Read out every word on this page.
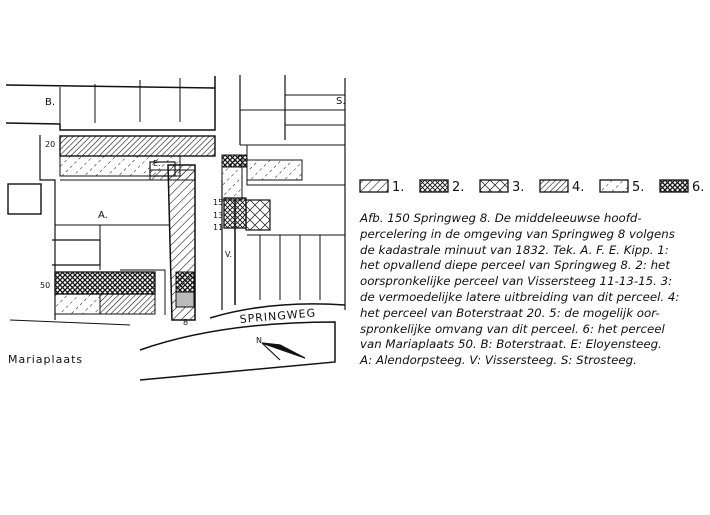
N
B.	S.
E.
A.
V.
20
50
15
13
11
8	SPRINGWEG
Mariaplaats
1.	2.	3.	4.	5.	6.
Afb. 150 Springweg 8. De middeleeuwse hoofd-
percelering in de omgeving van Springweg 8 volgens
de kadastrale minuut van 1832. Tek. A. F. E. Kipp. 1:
het opvallend diepe perceel van Springweg 8. 2: het
oorspronkelijke perceel van Vissersteeg 11-13-15. 3:
de vermoedelijke latere uitbreiding van dit perceel. 4:
het perceel van Boterstraat 20. 5: de mogelijk oor-
spronkelijke omvang van dit perceel. 6: het perceel
van Mariaplaats 50. B: Boterstraat. E: Eloyensteeg.
A: Alendorpsteeg. V: Vissersteeg. S: Strosteeg.
